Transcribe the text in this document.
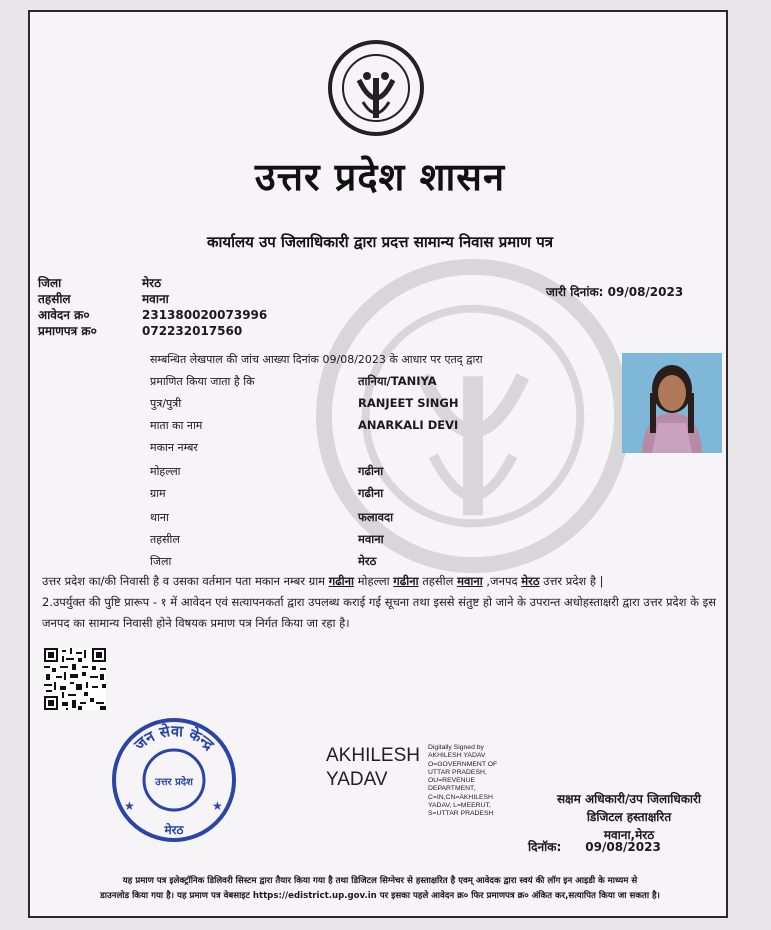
उत्तर प्रदेश शासन
कार्यालय उप जिलाधिकारी द्वारा प्रदत्त सामान्य निवास प्रमाण पत्र
जिला	मेरठ
तहसील	मवाना
आवेदन क्र०	231380020073996
प्रमाणपत्र क्र०	072232017560
जारी दिनांक: 09/08/2023
सम्बन्धित लेखपाल की जांच आख्या दिनांक 09/08/2023 के आधार पर एतद् द्वारा
प्रमाणित किया जाता है कि	तानिया/TANIYA
पुत्र/पुत्री	RANJEET SINGH
माता का नाम	ANARKALI DEVI
मकान नम्बर
मोहल्ला	गढीना
ग्राम	गढीना
थाना	फलावदा
तहसील	मवाना
जिला	मेरठ
उत्तर प्रदेश का/की निवासी है व उसका वर्तमान पता मकान नम्बर ग्राम गढीना मोहल्ला गढीना तहसील मवाना ,जनपद मेरठ उत्तर प्रदेश है |
2.उपर्युक्त की पुष्टि प्रारूप - १ में आवेदन एवं सत्यापनकर्ता द्वारा उपलब्ध कराई गई सूचना तथा इससे संतुष्ट हो जाने के उपरान्त अधोहस्ताक्षरी द्वारा उत्तर प्रदेश के इस जनपद का सामान्य निवासी होने विषयक प्रमाण पत्र निर्गत किया जा रहा है।
जन सेवा केन्द्र
उत्तर प्रदेश
मेरठ
★	★
AKHILESH
YADAV
Digitally Signed by
AKHILESH YADAV
O=GOVERNMENT OF
UTTAR PRADESH,
OU=REVENUE
DEPARTMENT,
C=IN,CN=AKHILESH
YADAV, L=MEERUT,
S=UTTAR PRADESH
सक्षम अधिकारी/उप जिलाधिकारी
डिजिटल हस्ताक्षरित
मवाना,मेरठ
दिनॉक: 09/08/2023
यह प्रमाण पत्र इलेक्ट्रॉनिक डिलिवरी सिस्टम द्वारा तैयार किया गया है तथा डिजिटल सिग्नेचर से हस्ताक्षरित है एवम् आवेदक द्वारा स्वयं की लॉग इन आइडी के माध्यम से
डाउनलोड किया गया है। यह प्रमाण पत्र वेबसाइट https://edistrict.up.gov.in पर इसका पहले आवेदन क्र० फिर प्रमाणपत्र क्र० अंकित कर,सत्यापित किया जा सकता है।
